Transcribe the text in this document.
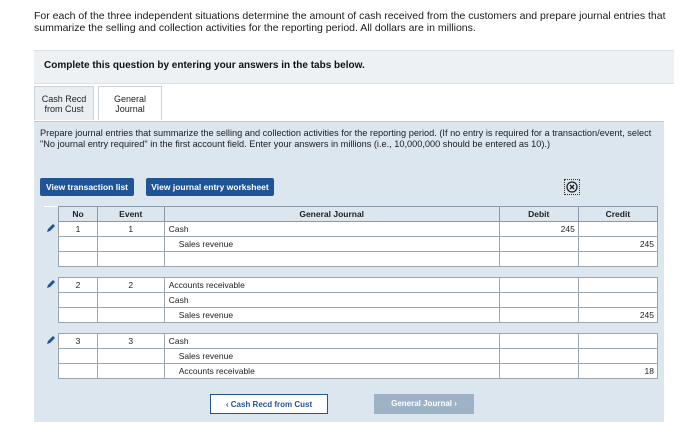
For each of the three independent situations determine the amount of cash received from the customers and prepare journal entries that summarize the selling and collection activities for the reporting period. All dollars are in millions.
Complete this question by entering your answers in the tabs below.
Cash Recd from Cust
General Journal
Prepare journal entries that summarize the selling and collection activities for the reporting period. (If no entry is required for a transaction/event, select "No journal entry required" in the first account field. Enter your answers in millions (i.e., 10,000,000 should be entered as 10).)
View transaction list	View journal entry worksheet
	No	Event	General Journal	Debit	Credit
	1	1	Cash	245	
			Sales revenue		245

	2	2	Accounts receivable		
			Cash		
			Sales revenue		245

	3	3	Cash		
			Sales revenue		
			Accounts receivable		18
‹ Cash Recd from Cust	General Journal ›
